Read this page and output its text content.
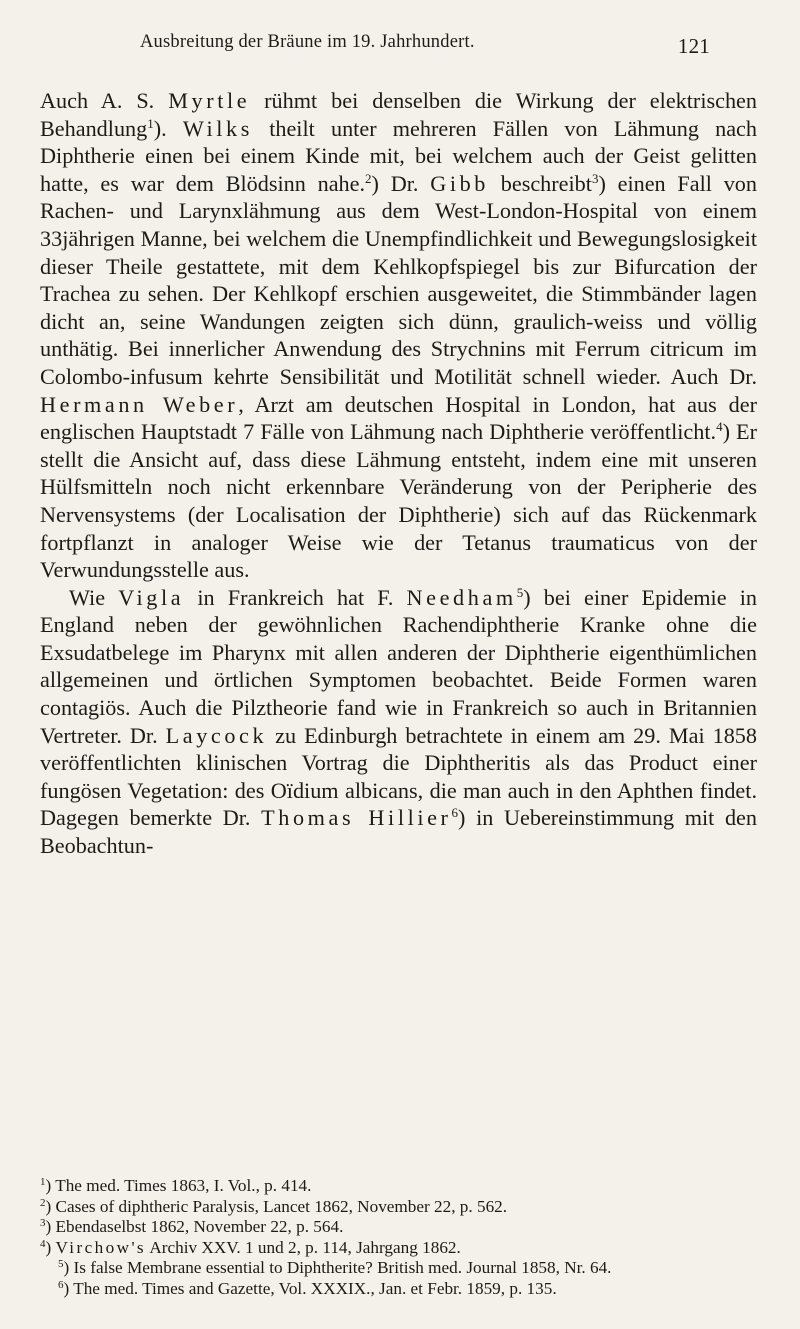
Ausbreitung der Bräune im 19. Jahrhundert.	121

Auch A. S. Myrtle rühmt bei denselben die Wirkung der elektrischen Behandlung$^1$). Wilks theilt unter mehreren Fällen von Lähmung nach Diphtherie einen bei einem Kinde mit, bei welchem auch der Geist gelitten hatte, es war dem Blödsinn nahe.$^2$) Dr. Gibb beschreibt$^3$) einen Fall von Rachen- und Larynxlähmung aus dem West-London-Hospital von einem 33jährigen Manne, bei welchem die Unempfindlichkeit und Bewegungslosigkeit dieser Theile gestattete, mit dem Kehlkopfspiegel bis zur Bifurcation der Trachea zu sehen. Der Kehlkopf erschien ausgeweitet, die Stimmbänder lagen dicht an, seine Wandungen zeigten sich dünn, graulich-weiss und völlig unthätig. Bei innerlicher Anwendung des Strychnins mit Ferrum citricum im Colombo-infusum kehrte Sensibilität und Motilität schnell wieder. Auch Dr. Hermann Weber, Arzt am deutschen Hospital in London, hat aus der englischen Hauptstadt 7 Fälle von Lähmung nach Diphtherie veröffentlicht.$^4$) Er stellt die Ansicht auf, dass diese Lähmung entsteht, indem eine mit unseren Hülfsmitteln noch nicht erkennbare Veränderung von der Peripherie des Nervensystems (der Localisation der Diphtherie) sich auf das Rückenmark fortpflanzt in analoger Weise wie der Tetanus traumaticus von der Verwundungsstelle aus.

Wie Vigla in Frankreich hat F. Needham$^5$) bei einer Epidemie in England neben der gewöhnlichen Rachendiphtherie Kranke ohne die Exsudatbelege im Pharynx mit allen anderen der Diphtherie eigenthümlichen allgemeinen und örtlichen Symptomen beobachtet. Beide Formen waren contagiös. Auch die Pilztheorie fand wie in Frankreich so auch in Britannien Vertreter. Dr. Laycock zu Edinburgh betrachtete in einem am 29. Mai 1858 veröffentlichten klinischen Vortrag die Diphtheritis als das Product einer fungösen Vegetation: des Oïdium albicans, die man auch in den Aphthen findet. Dagegen bemerkte Dr. Thomas Hillier$^6$) in Uebereinstimmung mit den Beobachtun-

$^1$) The med. Times 1863, I. Vol., p. 414.

$^2$) Cases of diphtheric Paralysis, Lancet 1862, November 22, p. 562.

$^3$) Ebendaselbst 1862, November 22, p. 564.

$^4$) Virchow's Archiv XXV. 1 und 2, p. 114, Jahrgang 1862.

$^5$) Is false Membrane essential to Diphtherite? British med. Journal 1858, Nr. 64.

$^6$) The med. Times and Gazette, Vol. XXXIX., Jan. et Febr. 1859, p. 135.
